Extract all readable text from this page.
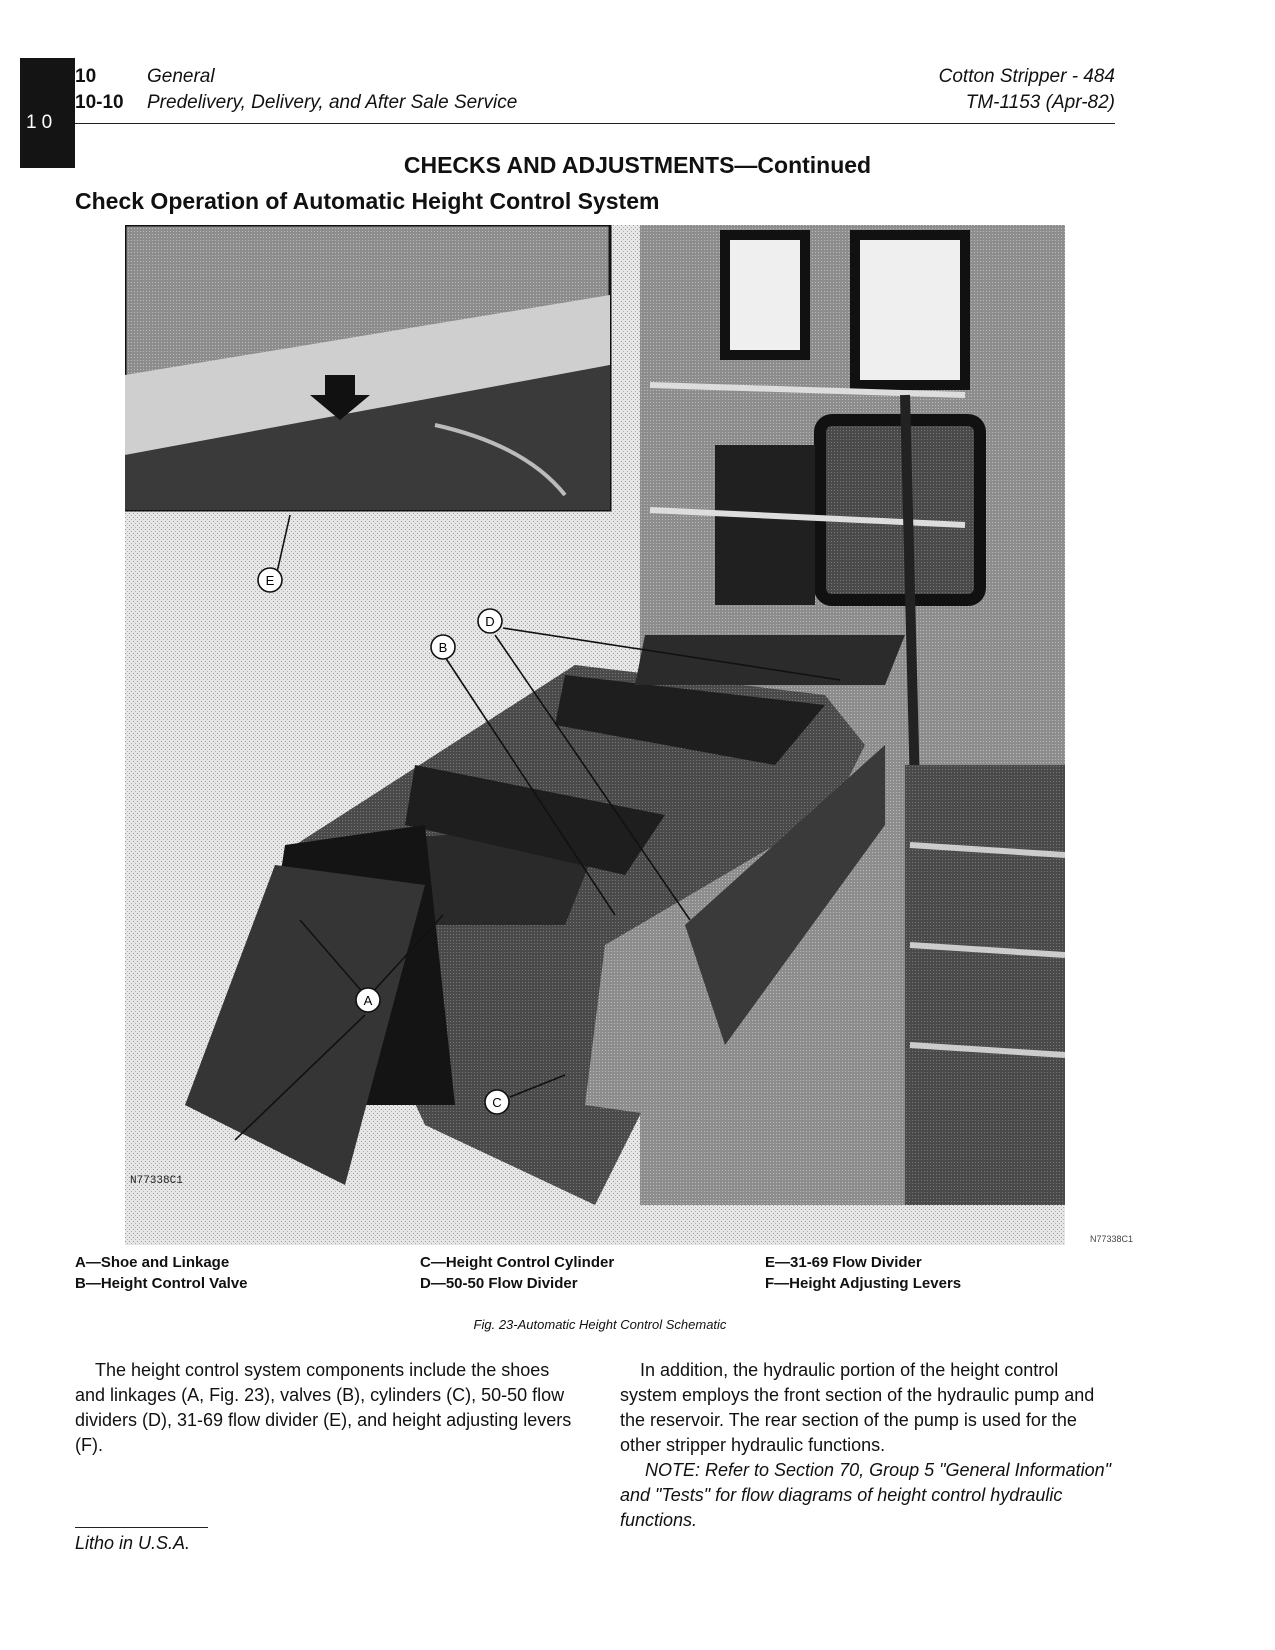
10
10	General
10-10 Predelivery, Delivery, and After Sale Service
Cotton Stripper - 484
TM-1153 (Apr-82)
CHECKS AND ADJUSTMENTS—Continued
Check Operation of Automatic Height Control System
E
B
D
A
C
N77338C1
N77338C1
A—Shoe and Linkage
B—Height Control Valve
C—Height Control Cylinder
D—50-50 Flow Divider
E—31-69 Flow Divider
F—Height Adjusting Levers
Fig. 23-Automatic Height Control Schematic

The height control system components include the shoes and linkages (A, Fig. 23), valves (B), cylinders (C), 50-50 flow dividers (D), 31-69 flow divider (E), and height adjusting levers (F).

In addition, the hydraulic portion of the height control system employs the front section of the hydraulic pump and the reservoir. The rear section of the pump is used for the other stripper hydraulic functions.

NOTE: Refer to Section 70, Group 5 "General Information" and "Tests" for flow diagrams of height control hydraulic functions.

Litho in U.S.A.
